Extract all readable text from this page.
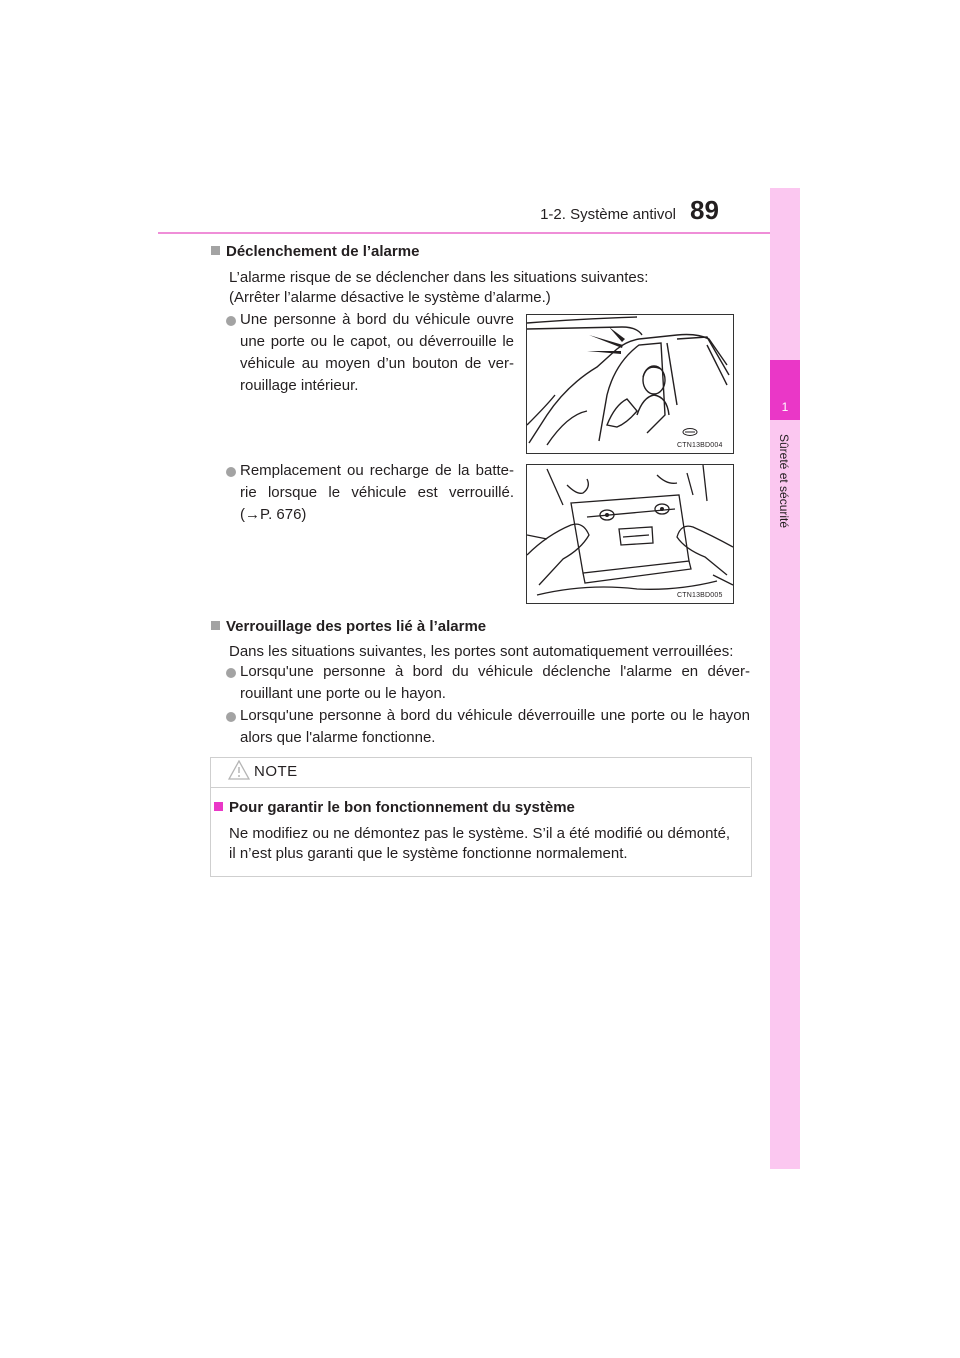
1-2. Système antivol 89
1
Sûreté et sécurité
Déclenchement de l’alarme
L’alarme risque de se déclencher dans les situations suivantes:
(Arrêter l’alarme désactive le système d’alarme.)
Une personne à bord du véhicule ouvre
une porte ou le capot, ou déverrouille le
véhicule au moyen d’un bouton de ver-
rouillage intérieur.
CTN13BD004
Remplacement ou recharge de la batte-
rie lorsque le véhicule est verrouillé.
(→P. 676)
CTN13BD005
Verrouillage des portes lié à l’alarme
Dans les situations suivantes, les portes sont automatiquement verrouillées:
Lorsqu'une personne à bord du véhicule déclenche l'alarme en déver-
rouillant une porte ou le hayon.
Lorsqu'une personne à bord du véhicule déverrouille une porte ou le hayon
alors que l'alarme fonctionne.
NOTE
Pour garantir le bon fonctionnement du système
Ne modifiez ou ne démontez pas le système. S’il a été modifié ou démonté,
il n’est plus garanti que le système fonctionne normalement.
